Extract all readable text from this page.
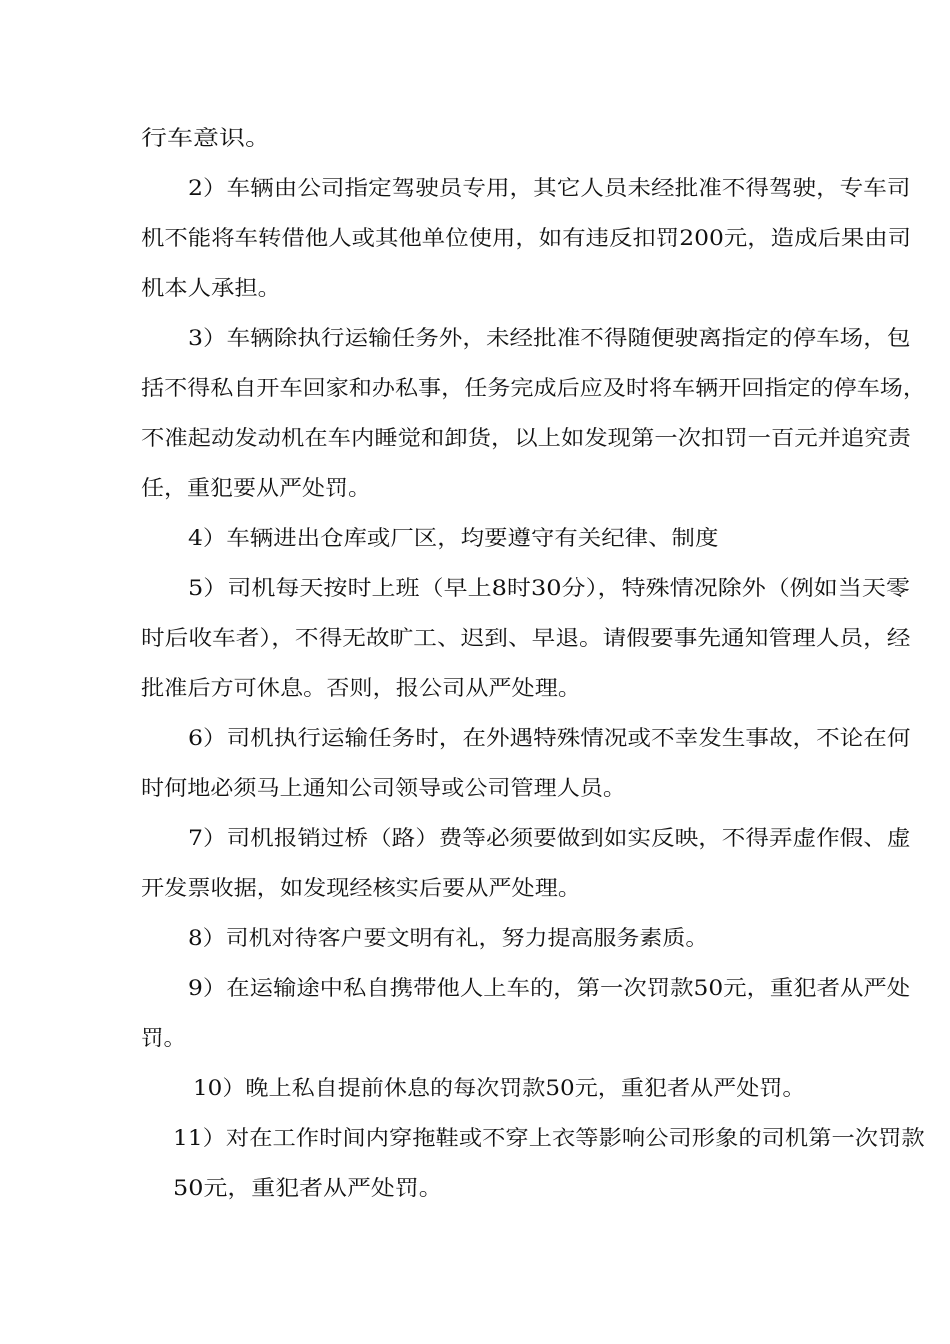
行车意识。
2）车辆由公司指定驾驶员专用，其它人员未经批准不得驾驶，专车司
机不能将车转借他人或其他单位使用，如有违反扣罚200元，造成后果由司
机本人承担。
3）车辆除执行运输任务外，未经批准不得随便驶离指定的停车场，包
括不得私自开车回家和办私事，任务完成后应及时将车辆开回指定的停车场，
不准起动发动机在车内睡觉和卸货，以上如发现第一次扣罚一百元并追究责
任，重犯要从严处罚。
4）车辆进出仓库或厂区，均要遵守有关纪律、制度
5）司机每天按时上班（早上8时30分），特殊情况除外（例如当天零
时后收车者），不得无故旷工、迟到、早退。请假要事先通知管理人员，经
批准后方可休息。否则，报公司从严处理。
6）司机执行运输任务时，在外遇特殊情况或不幸发生事故，不论在何
时何地必须马上通知公司领导或公司管理人员。
7）司机报销过桥（路）费等必须要做到如实反映，不得弄虚作假、虚
开发票收据，如发现经核实后要从严处理。
8）司机对待客户要文明有礼，努力提高服务素质。
9）在运输途中私自携带他人上车的，第一次罚款50元，重犯者从严处
罚。
10）晚上私自提前休息的每次罚款50元，重犯者从严处罚。
11）对在工作时间内穿拖鞋或不穿上衣等影响公司形象的司机第一次罚款
50元，重犯者从严处罚。
